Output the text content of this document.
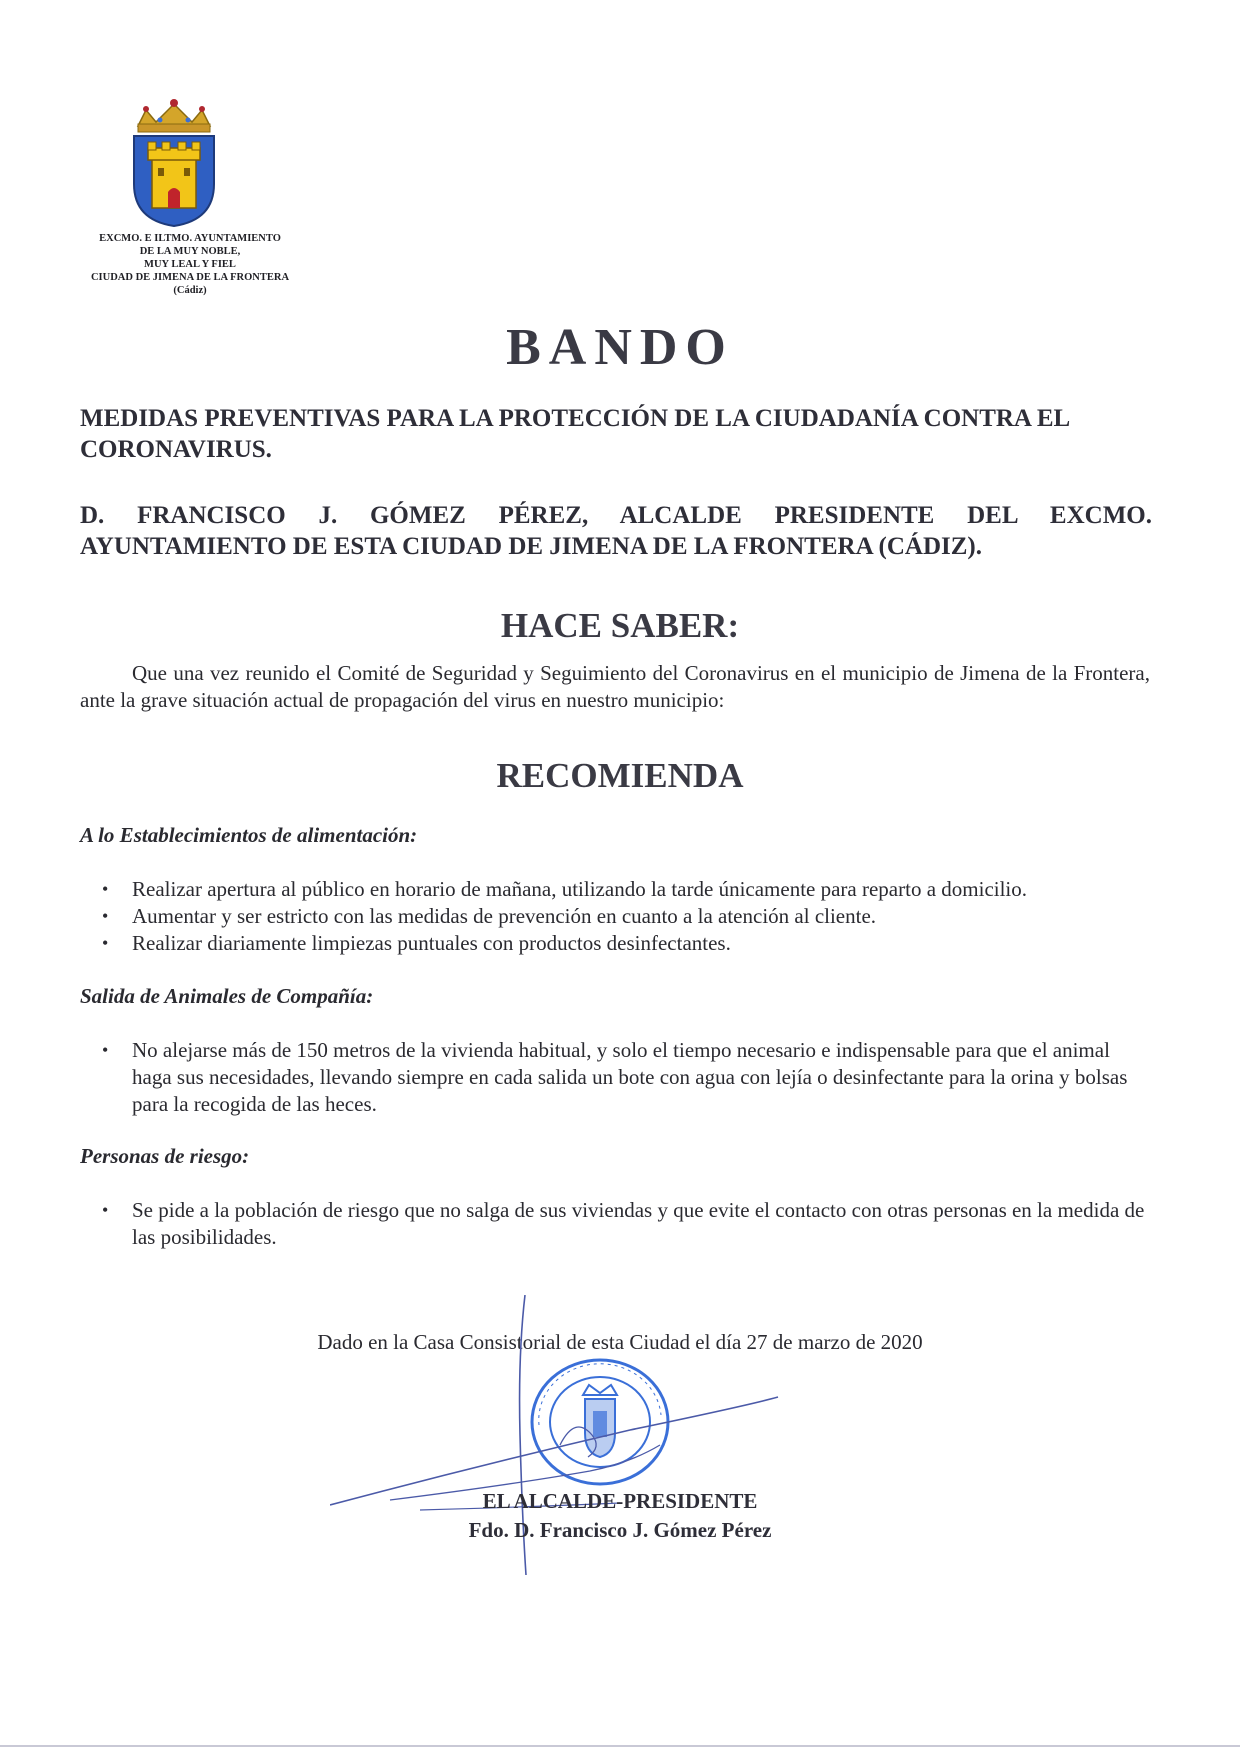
EXCMO. E ILTMO. AYUNTAMIENTO
DE LA MUY NOBLE,
MUY LEAL Y FIEL
CIUDAD DE JIMENA DE LA FRONTERA
(Cádiz)
BANDO
MEDIDAS PREVENTIVAS PARA LA PROTECCIÓN DE LA CIUDADANÍA CONTRA EL CORONAVIRUS.
D. FRANCISCO J. GÓMEZ PÉREZ, ALCALDE PRESIDENTE DEL EXCMO.
AYUNTAMIENTO DE ESTA CIUDAD DE JIMENA DE LA FRONTERA (CÁDIZ).
HACE SABER:
Que una vez reunido el Comité de Seguridad y Seguimiento del Coronavirus en el municipio de Jimena de la Frontera, ante la grave situación actual de propagación del virus en nuestro municipio:
RECOMIENDA
A lo Establecimientos de alimentación:
• Realizar apertura al público en horario de mañana, utilizando la tarde únicamente para reparto a domicilio.
• Aumentar y ser estricto con las medidas de prevención en cuanto a la atención al cliente.
• Realizar diariamente limpiezas puntuales con productos desinfectantes.
Salida de Animales de Compañía:
• No alejarse más de 150 metros de la vivienda habitual, y solo el tiempo necesario e indispensable para que el animal haga sus necesidades, llevando siempre en cada salida un bote con agua con lejía o desinfectante para la orina y bolsas para la recogida de las heces.
Personas de riesgo:
• Se pide a la población de riesgo que no salga de sus viviendas y que evite el contacto con otras personas en la medida de las posibilidades.
Dado en la Casa Consistorial de esta Ciudad el día 27 de marzo de 2020
EL ALCALDE-PRESIDENTE
Fdo. D. Francisco J. Gómez Pérez
